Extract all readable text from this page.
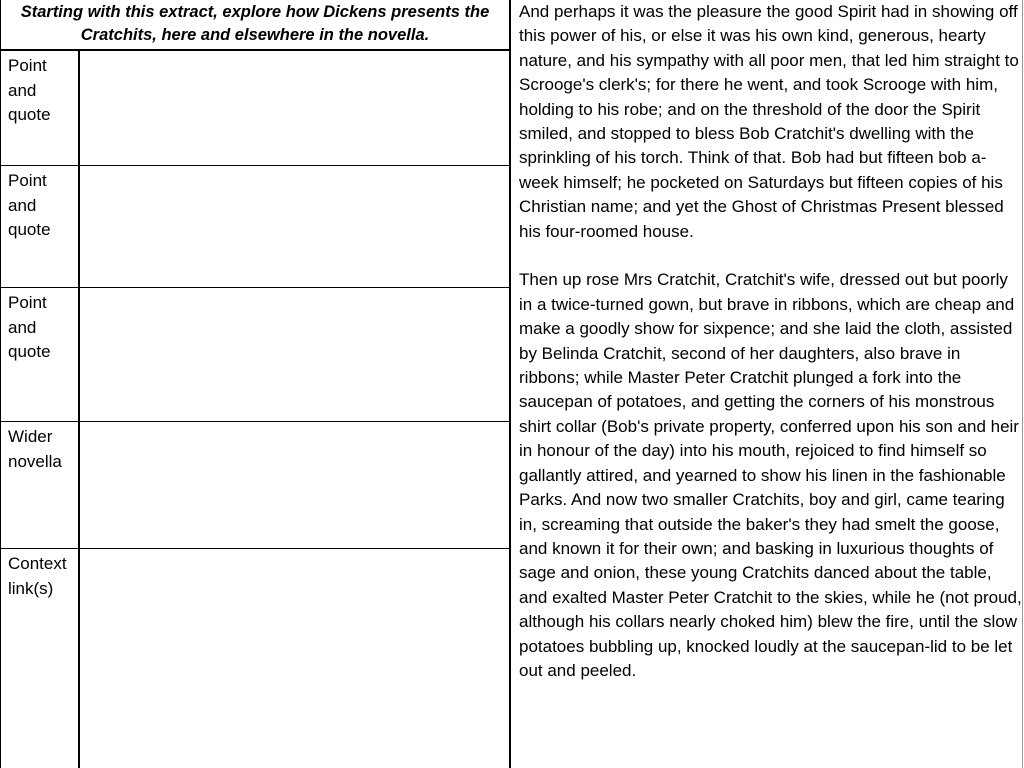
Starting with this extract, explore how Dickens presents the Cratchits, here and elsewhere in the novella.
Point and quote
Point and quote
Point and quote
Wider novella
Context link(s)

And perhaps it was the pleasure the good Spirit had in showing off this power of his, or else it was his own kind, generous, hearty nature, and his sympathy with all poor men, that led him straight to Scrooge's clerk's; for there he went, and took Scrooge with him, holding to his robe; and on the threshold of the door the Spirit smiled, and stopped to bless Bob Cratchit's dwelling with the sprinkling of his torch. Think of that. Bob had but fifteen bob a-week himself; he pocketed on Saturdays but fifteen copies of his Christian name; and yet the Ghost of Christmas Present blessed his four-roomed house.

Then up rose Mrs Cratchit, Cratchit's wife, dressed out but poorly in a twice-turned gown, but brave in ribbons, which are cheap and make a goodly show for sixpence; and she laid the cloth, assisted by Belinda Cratchit, second of her daughters, also brave in ribbons; while Master Peter Cratchit plunged a fork into the saucepan of potatoes, and getting the corners of his monstrous shirt collar (Bob's private property, conferred upon his son and heir in honour of the day) into his mouth, rejoiced to find himself so gallantly attired, and yearned to show his linen in the fashionable Parks. And now two smaller Cratchits, boy and girl, came tearing in, screaming that outside the baker's they had smelt the goose, and known it for their own; and basking in luxurious thoughts of sage and onion, these young Cratchits danced about the table, and exalted Master Peter Cratchit to the skies, while he (not proud, although his collars nearly choked him) blew the fire, until the slow potatoes bubbling up, knocked loudly at the saucepan-lid to be let out and peeled.
